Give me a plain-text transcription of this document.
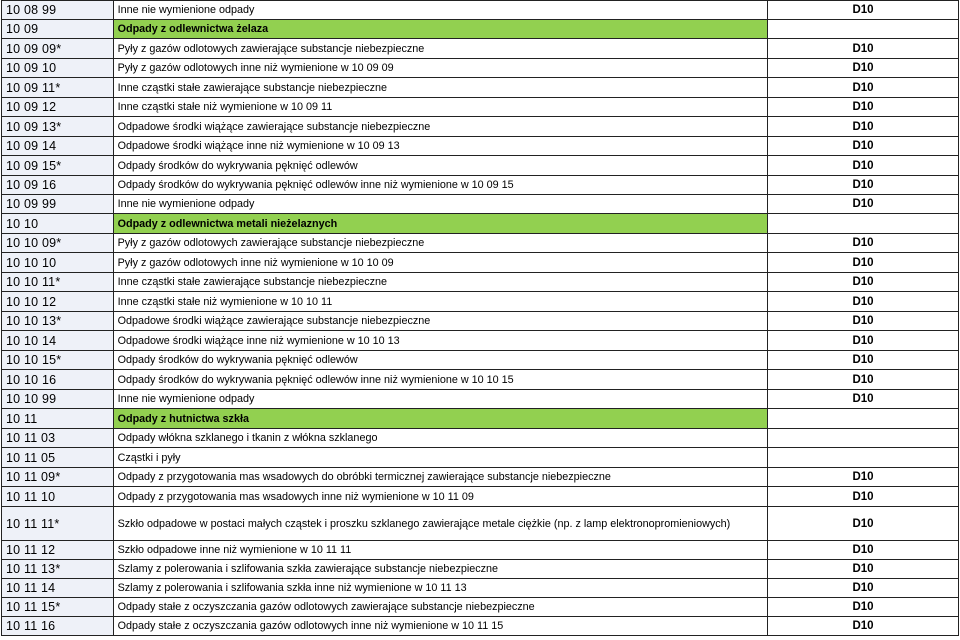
10 08 99	Inne nie wymienione odpady	D10
10 09	Odpady z odlewnictwa żelaza	
10 09 09*	Pyły z gazów odlotowych zawierające substancje niebezpieczne	D10
10 09 10	Pyły z gazów odlotowych inne niż wymienione w 10 09 09	D10
10 09 11*	Inne cząstki stałe zawierające substancje niebezpieczne	D10
10 09 12	Inne cząstki stałe niż wymienione w 10 09 11	D10
10 09 13*	Odpadowe środki wiążące zawierające substancje niebezpieczne	D10
10 09 14	Odpadowe środki wiążące inne niż wymienione w 10 09 13	D10
10 09 15*	Odpady środków do wykrywania pęknięć odlewów	D10
10 09 16	Odpady środków do wykrywania pęknięć odlewów inne niż wymienione w 10 09 15	D10
10 09 99	Inne nie wymienione odpady	D10
10 10	Odpady z odlewnictwa metali nieżelaznych	
10 10 09*	Pyły z gazów odlotowych zawierające substancje niebezpieczne	D10
10 10 10	Pyły z gazów odlotowych inne niż wymienione w 10 10 09	D10
10 10 11*	Inne cząstki stałe zawierające substancje niebezpieczne	D10
10 10 12	Inne cząstki stałe niż wymienione w 10 10 11	D10
10 10 13*	Odpadowe środki wiążące zawierające substancje niebezpieczne	D10
10 10 14	Odpadowe środki wiążące inne niż wymienione w 10 10 13	D10
10 10 15*	Odpady środków do wykrywania pęknięć odlewów	D10
10 10 16	Odpady środków do wykrywania pęknięć odlewów inne niż wymienione w 10 10 15	D10
10 10 99	Inne nie wymienione odpady	D10
10 11	Odpady z hutnictwa szkła	
10 11 03	Odpady włókna szklanego i tkanin z włókna szklanego	
10 11 05	Cząstki i pyły	
10 11 09*	Odpady z przygotowania mas wsadowych do obróbki termicznej zawierające substancje niebezpieczne	D10
10 11 10	Odpady z przygotowania mas wsadowych inne niż wymienione w 10 11 09	D10
10 11 11*	Szkło odpadowe w postaci małych cząstek i proszku szklanego zawierające metale ciężkie (np. z lamp elektronopromieniowych)	D10
10 11 12	Szkło odpadowe inne niż wymienione w 10 11 11	D10
10 11 13*	Szlamy z polerowania i szlifowania szkła zawierające substancje niebezpieczne	D10
10 11 14	Szlamy z polerowania i szlifowania szkła inne niż wymienione w 10 11 13	D10
10 11 15*	Odpady stałe z oczyszczania gazów odlotowych zawierające substancje niebezpieczne	D10
10 11 16	Odpady stałe z oczyszczania gazów odlotowych inne niż wymienione w 10 11 15	D10
